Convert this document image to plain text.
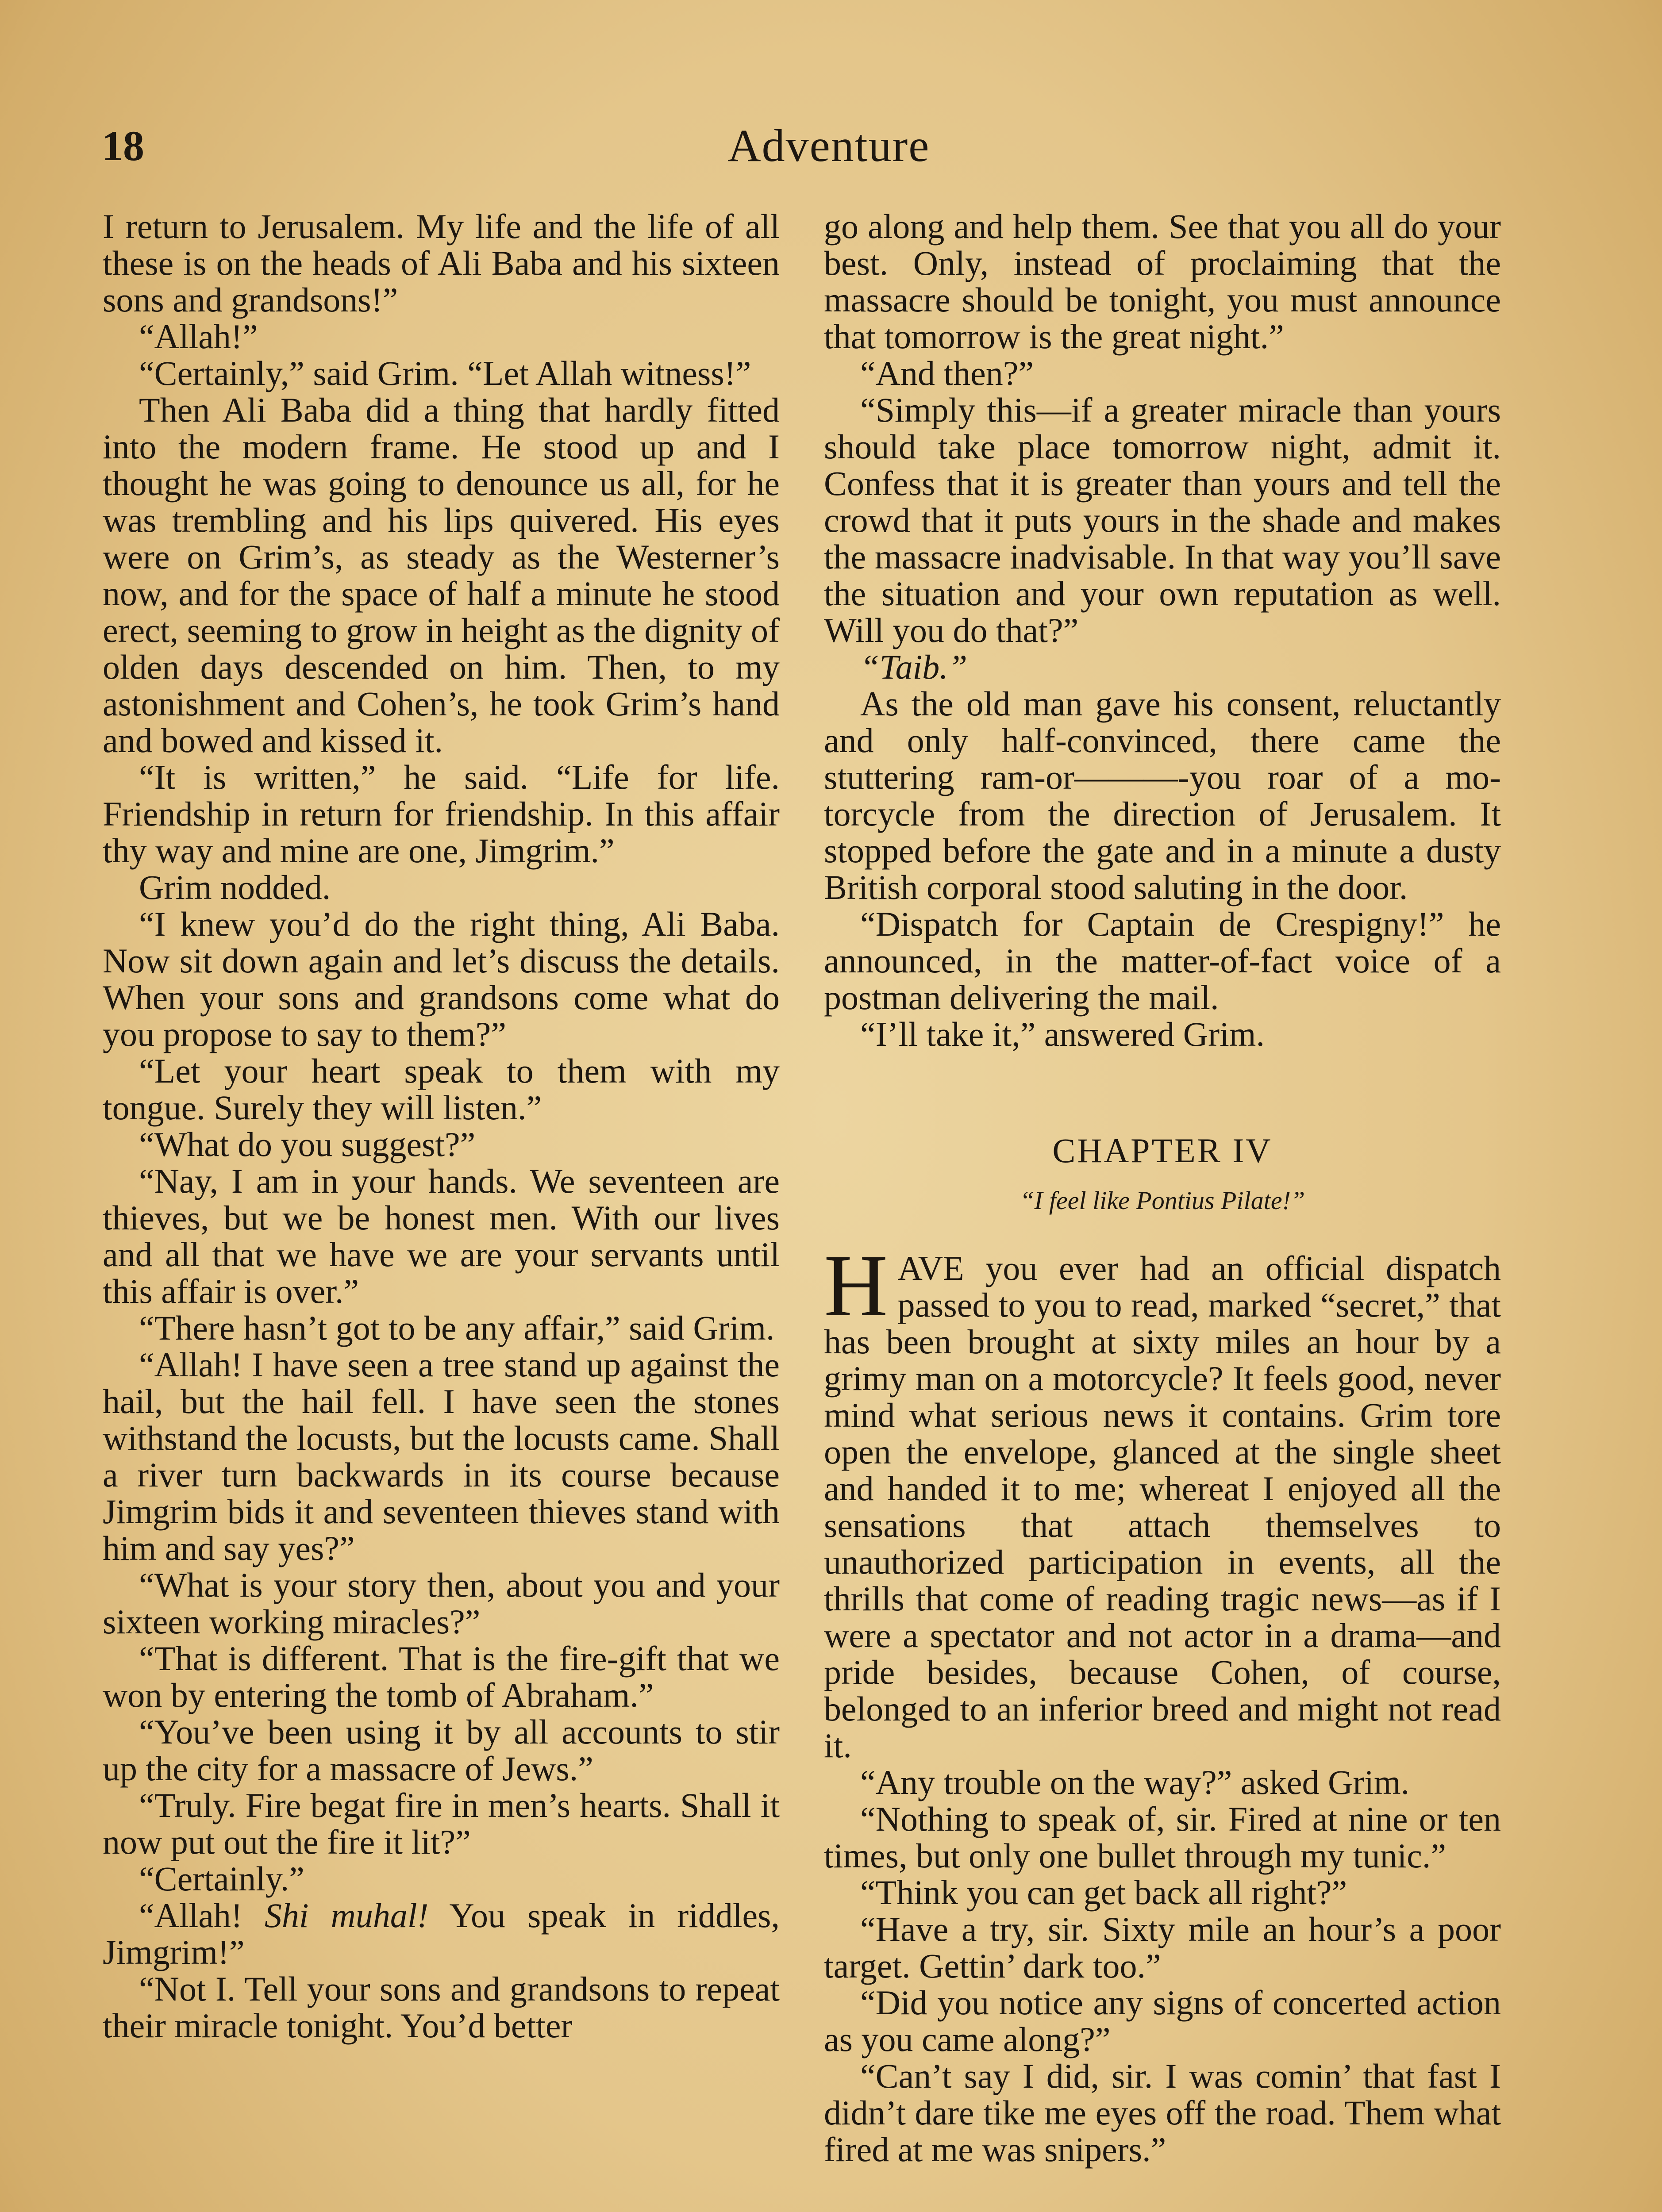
18	Adventure

I return to Jerusalem. My life and the life of all these is on the heads of Ali Baba and his sixteen sons and grandsons!”

“Allah!”

“Certainly,” said Grim. “Let Allah witness!”

Then Ali Baba did a thing that hardly fitted into the modern frame. He stood up and I thought he was going to denounce us all, for he was trembling and his lips quivered. His eyes were on Grim’s, as steady as the Westerner’s now, and for the space of half a minute he stood erect, seeming to grow in height as the dignity of olden days descended on him. Then, to my astonishment and Cohen’s, he took Grim’s hand and bowed and kissed it.

“It is written,” he said. “Life for life. Friendship in return for friendship. In this affair thy way and mine are one, Jimgrim.”

Grim nodded.

“I knew you’d do the right thing, Ali Baba. Now sit down again and let’s discuss the details. When your sons and grandsons come what do you propose to say to them?”

“Let your heart speak to them with my tongue. Surely they will listen.”

“What do you suggest?”

“Nay, I am in your hands. We seventeen are thieves, but we be honest men. With our lives and all that we have we are your servants until this affair is over.”

“There hasn’t got to be any affair,” said Grim.

“Allah! I have seen a tree stand up against the hail, but the hail fell. I have seen the stones withstand the locusts, but the locusts came. Shall a river turn backwards in its course because Jimgrim bids it and seventeen thieves stand with him and say yes?”

“What is your story then, about you and your sixteen working miracles?”

“That is different. That is the fire-gift that we won by entering the tomb of Abraham.”

“You’ve been using it by all accounts to stir up the city for a massacre of Jews.”

“Truly. Fire begat fire in men’s hearts. Shall it now put out the fire it lit?”

“Certainly.”

“Allah! Shi muhal! You speak in riddles, Jimgrim!”

“Not I. Tell your sons and grandsons to repeat their miracle tonight. You’d better

go along and help them. See that you all do your best. Only, instead of proclaiming that the massacre should be tonight, you must announce that tomorrow is the great night.”

“And then?”

“Simply this—if a greater miracle than yours should take place tomorrow night, admit it. Confess that it is greater than yours and tell the crowd that it puts yours in the shade and makes the massacre inadvisable. In that way you’ll save the situation and your own reputation as well. Will you do that?”

“Taib.”

As the old man gave his consent, reluctantly and only half-convinced, there came the stuttering ram-or———-you roar of a motorcycle from the direction of Jerusalem. It stopped before the gate and in a minute a dusty British corporal stood saluting in the door.

“Dispatch for Captain de Crespigny!” he announced, in the matter-of-fact voice of a postman delivering the mail.

“I’ll take it,” answered Grim.

CHAPTER IV
“I feel like Pontius Pilate!”

HAVE you ever had an official dispatch passed to you to read, marked “secret,” that has been brought at sixty miles an hour by a grimy man on a motorcycle? It feels good, never mind what serious news it contains. Grim tore open the envelope, glanced at the single sheet and handed it to me; whereat I enjoyed all the sensations that attach themselves to unauthorized participation in events, all the thrills that come of reading tragic news—as if I were a spectator and not actor in a drama—and pride besides, because Cohen, of course, belonged to an inferior breed and might not read it.

“Any trouble on the way?” asked Grim.

“Nothing to speak of, sir. Fired at nine or ten times, but only one bullet through my tunic.”

“Think you can get back all right?”

“Have a try, sir. Sixty mile an hour’s a poor target. Gettin’ dark too.”

“Did you notice any signs of concerted action as you came along?”

“Can’t say I did, sir. I was comin’ that fast I didn’t dare tike me eyes off the road. Them what fired at me was snipers.”
